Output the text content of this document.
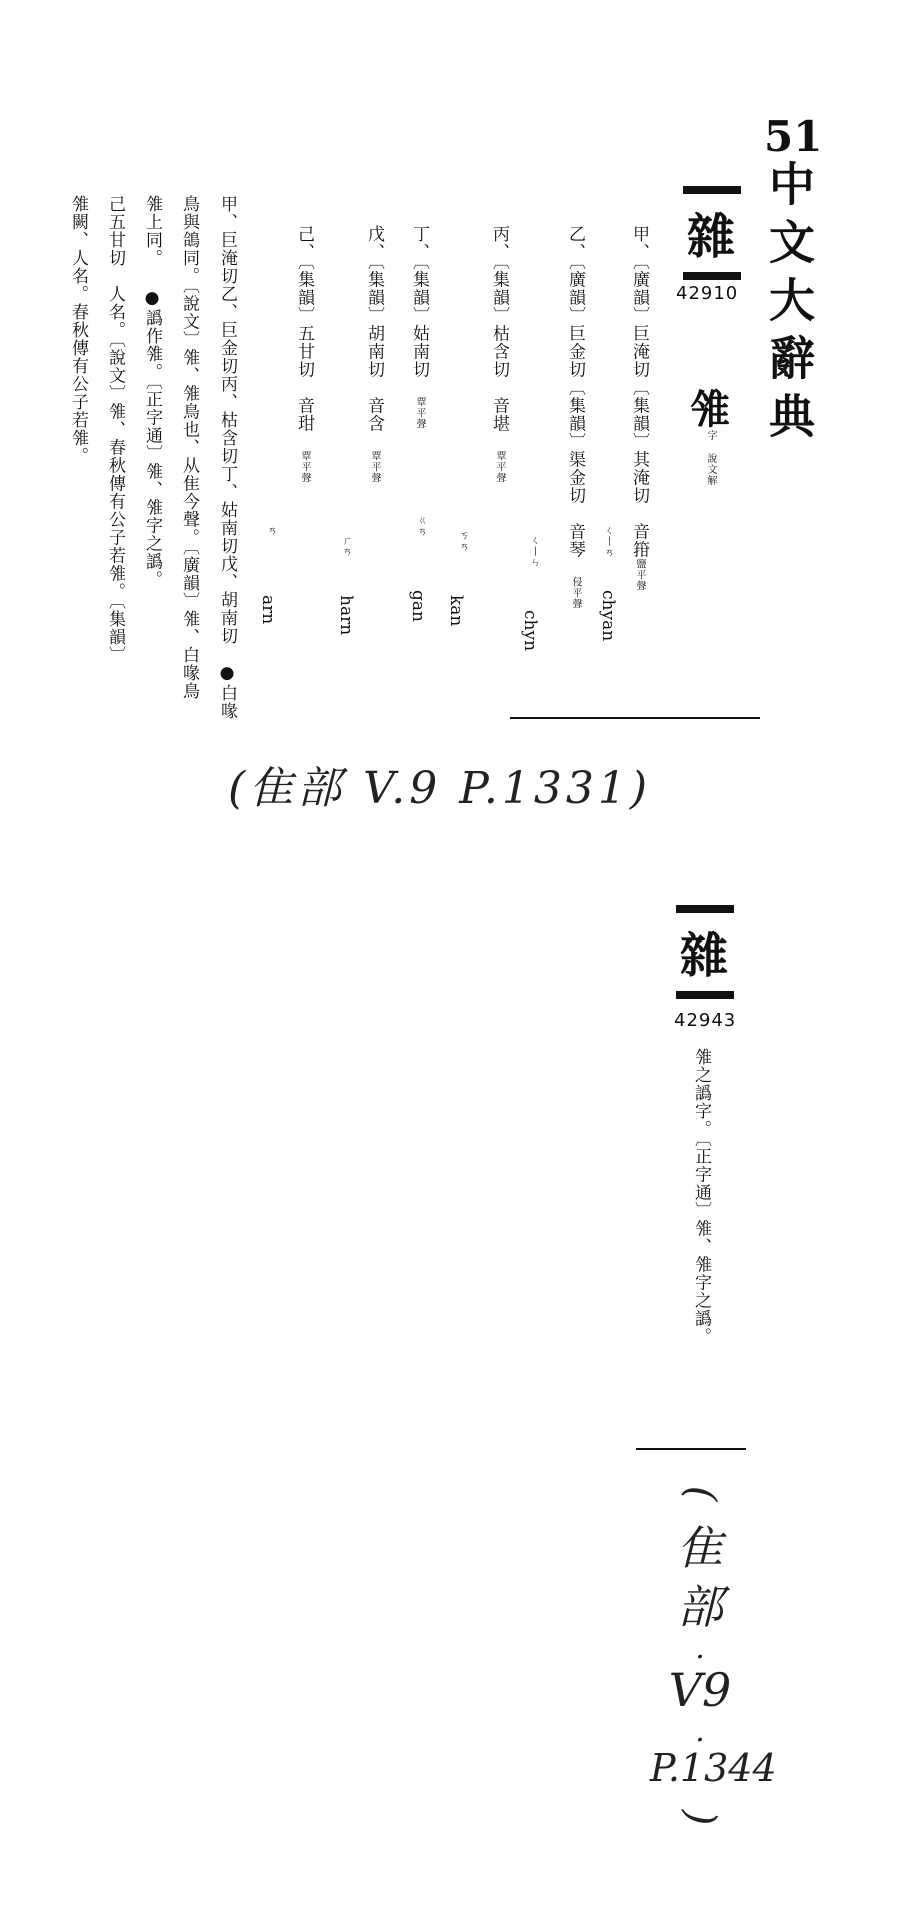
51
中文大辭典
雜
42910
雂
字 說文解
甲、〔廣韻〕巨淹切〔集韻〕其淹切　音箝鹽平聲
ㄑ丨ㄢ
chyan
乙、〔廣韻〕巨金切〔集韻〕渠金切　音琴　侵平聲
ㄑ丨ㄣ
chyn
丙、〔集韻〕枯含切　音堪　覃平聲
ㄎㄢ
kan
丁、〔集韻〕姑南切　覃平聲
ㄍㄢ
gan
戊、〔集韻〕胡南切　音含　覃平聲
ㄏㄢ
harn
己、〔集韻〕五甘切　音玵　覃平聲
ㄢ
arn
甲、巨淹切乙、巨金切丙、枯含切丁、姑南切戊、胡南切　●白喙
鳥與鴿同。〔說文〕雂、雂鳥也、从隹今聲。〔廣韻〕雂、白喙鳥
雂上同。 ●譌作雂。〔正字通〕雂、雂字之譌。
己五甘切　人名。〔說文〕雂、春秋傳有公子若雂。〔集韻〕
雂闕、人名。春秋傳有公子若雂。
(隹部 V.9 P.1331)
雜
42943
雂之譌字。〔正字通〕雂、雂字之譌。
(
隹
部
.
V9
.
P.1344
)
